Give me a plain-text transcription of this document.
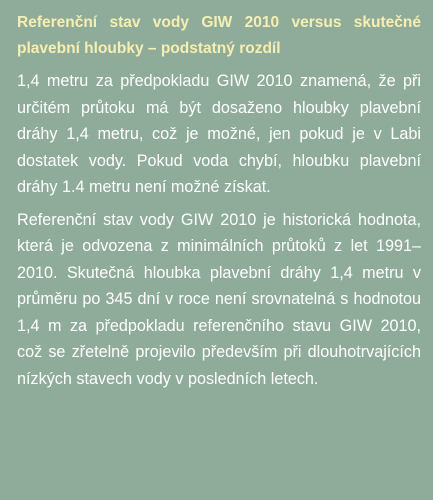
Referenční stav vody GIW 2010 versus skutečné plavební hloubky – podstatný rozdíl

1,4 metru za předpokladu GIW 2010 znamená, že při určitém průtoku má být dosaženo hloubky plavební dráhy 1,4 metru, což je možné, jen pokud je v Labi dostatek vody. Pokud voda chybí, hloubku plavební dráhy 1.4 metru není možné získat.

Referenční stav vody GIW 2010 je historická hodnota, která je odvozena z minimálních průtoků z let 1991–2010. Skutečná hloubka plavební dráhy 1,4 metru v průměru po 345 dní v roce není srovnatelná s hodnotou 1,4 m za předpokladu referenčního stavu GIW 2010, což se zřetelně projevilo především při dlouhotrvajících nízkých stavech vody v posledních letech.
